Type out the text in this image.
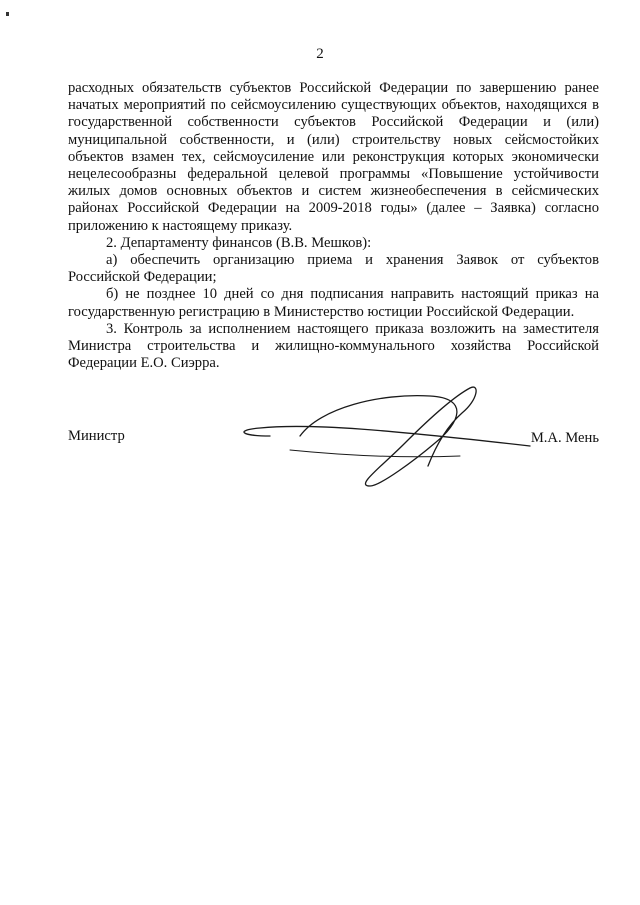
2

расходных обязательств субъектов Российской Федерации по завершению ранее начатых мероприятий по сейсмоусилению существующих объектов, находящихся в государственной собственности субъектов Российской Федерации и (или) муниципальной собственности, и (или) строительству новых сейсмостойких объектов взамен тех, сейсмоусиление или реконструкция которых экономически нецелесообразны федеральной целевой программы «Повышение устойчивости жилых домов основных объектов и систем жизнеобеспечения в сейсмических районах Российской Федерации на 2009-2018 годы» (далее – Заявка) согласно приложению к настоящему приказу.

2. Департаменту финансов (В.В. Мешков):

а) обеспечить организацию приема и хранения Заявок от субъектов Российской Федерации;

б) не позднее 10 дней со дня подписания направить настоящий приказ на государственную регистрацию в Министерство юстиции Российской Федерации.

3. Контроль за исполнением настоящего приказа возложить на заместителя Министра строительства и жилищно-коммунального хозяйства Российской Федерации Е.О. Сиэрра.

Министр	М.А. Мень
